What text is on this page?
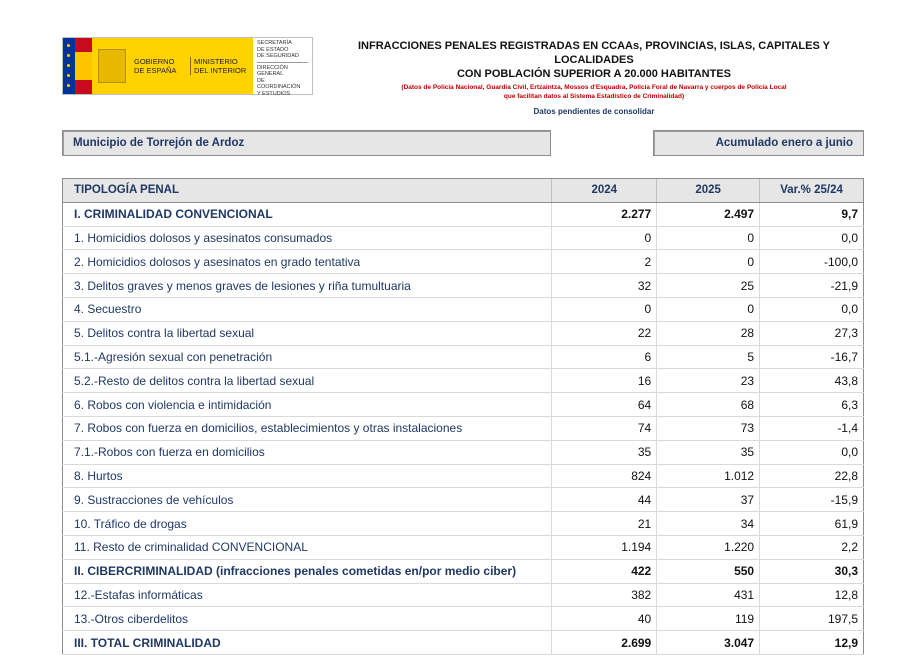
GOBIERNO
DE ESPAÑA
MINISTERIO
DEL INTERIOR
SECRETARÍA
DE ESTADO
DE SEGURIDAD
DIRECCIÓN GENERAL
DE COORDINACIÓN
Y ESTUDIOS
INFRACCIONES PENALES REGISTRADAS EN CCAAs, PROVINCIAS, ISLAS, CAPITALES Y LOCALIDADES
CON POBLACIÓN SUPERIOR A 20.000 HABITANTES
(Datos de Policía Nacional, Guardia Civil, Ertzaintza, Mossos d'Esquadra, Policía Foral de Navarra y cuerpos de Policía Local
que facilitan datos al Sistema Estadístico de Criminalidad)
Datos pendientes de consolidar
Municipio de Torrejón de Ardoz	Acumulado enero a junio
TIPOLOGÍA PENAL	2024	2025	Var.% 25/24
I. CRIMINALIDAD CONVENCIONAL	2.277	2.497	9,7
1. Homicidios dolosos y asesinatos consumados	0	0	0,0
2. Homicidios dolosos y asesinatos en grado tentativa	2	0	-100,0
3. Delitos graves y menos graves de lesiones y riña tumultuaria	32	25	-21,9
4. Secuestro	0	0	0,0
5. Delitos contra la libertad sexual	22	28	27,3
5.1.-Agresión sexual con penetración	6	5	-16,7
5.2.-Resto de delitos contra la libertad sexual	16	23	43,8
6. Robos con violencia e intimidación	64	68	6,3
7. Robos con fuerza en domicilios, establecimientos y otras instalaciones	74	73	-1,4
7.1.-Robos con fuerza en domicilios	35	35	0,0
8. Hurtos	824	1.012	22,8
9. Sustracciones de vehículos	44	37	-15,9
10. Tráfico de drogas	21	34	61,9
11. Resto de criminalidad CONVENCIONAL	1.194	1.220	2,2
II. CIBERCRIMINALIDAD (infracciones penales cometidas en/por medio ciber)	422	550	30,3
12.-Estafas informáticas	382	431	12,8
13.-Otros ciberdelitos	40	119	197,5
III. TOTAL CRIMINALIDAD	2.699	3.047	12,9
